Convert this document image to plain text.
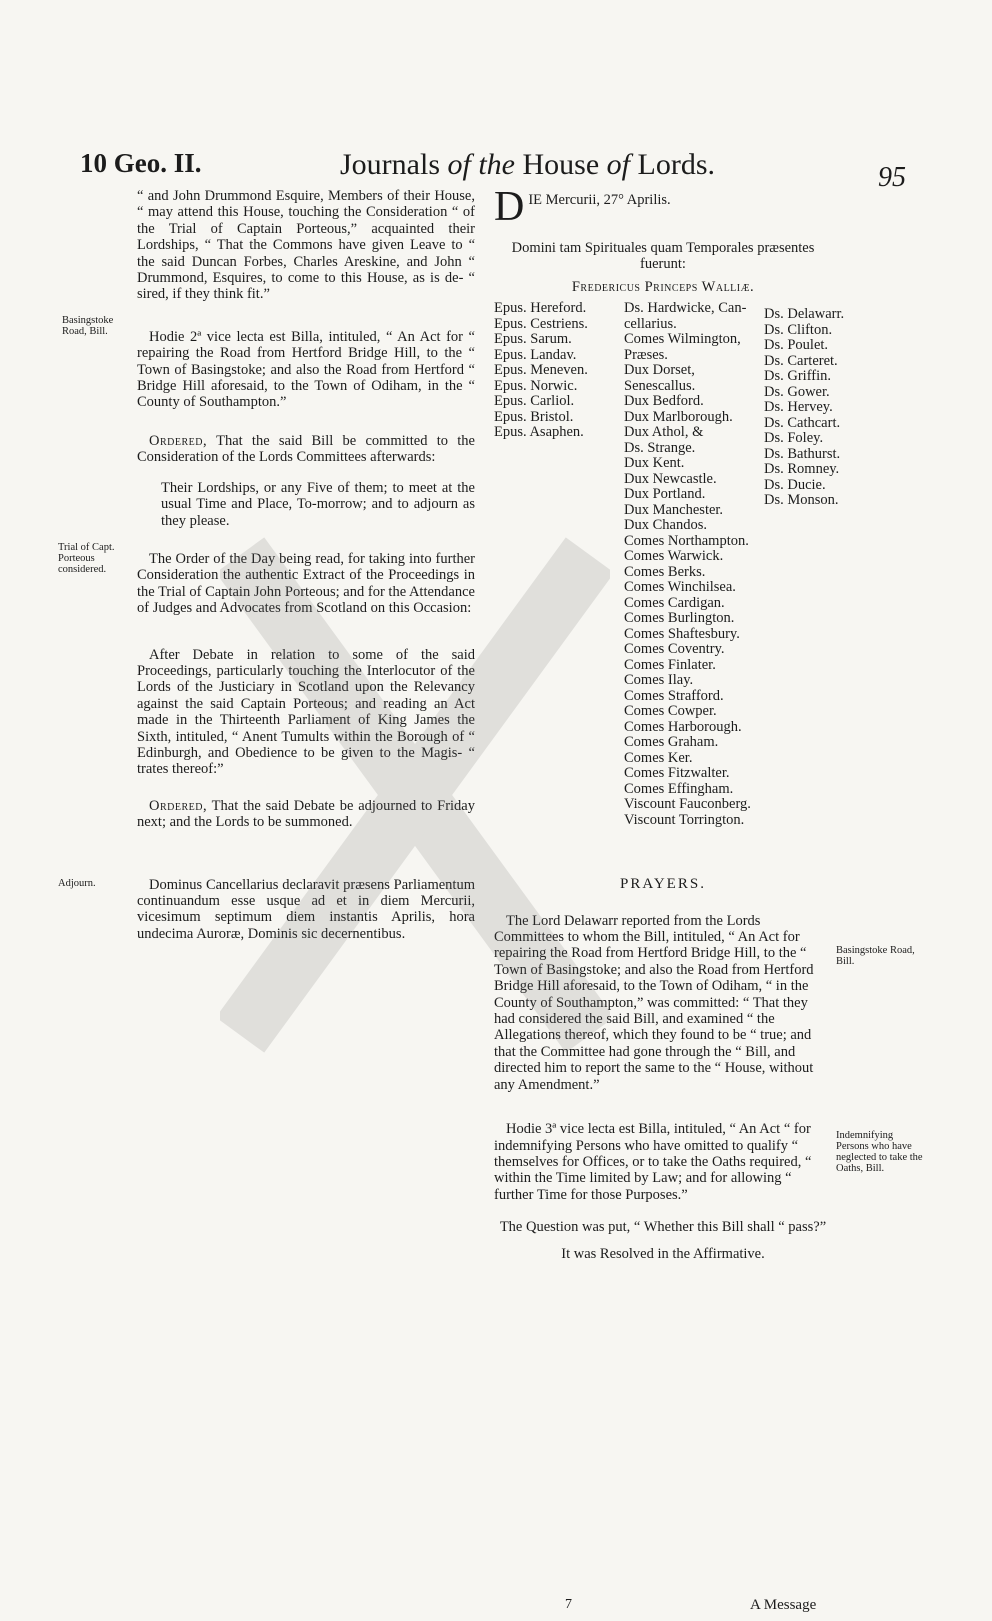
10 Geo. II.	Journals of the House of Lords.	95
Basingstoke Road, Bill.
Trial of Capt. Porteous considered.
Adjourn.

“ and John Drummond Esquire, Members of their House, “ may attend this House, touching the Consideration “ of the Trial of Captain Porteous,” acquainted their Lordships, “ That the Commons have given Leave to “ the said Duncan Forbes, Charles Areskine, and John “ Drummond, Esquires, to come to this House, as is de- “ sired, if they think fit.”

Hodie 2ª vice lecta est Billa, intituled, “ An Act for “ repairing the Road from Hertford Bridge Hill, to the “ Town of Basingstoke; and also the Road from Hertford “ Bridge Hill aforesaid, to the Town of Odiham, in the “ County of Southampton.”

Ordered, That the said Bill be committed to the Consideration of the Lords Committees afterwards:

Their Lordships, or any Five of them; to meet at the usual Time and Place, To-morrow; and to adjourn as they please.

The Order of the Day being read, for taking into further Consideration the authentic Extract of the Proceedings in the Trial of Captain John Porteous; and for the Attendance of Judges and Advocates from Scotland on this Occasion:

After Debate in relation to some of the said Proceedings, particularly touching the Interlocutor of the Lords of the Justiciary in Scotland upon the Relevancy against the said Captain Porteous; and reading an Act made in the Thirteenth Parliament of King James the Sixth, intituled, “ Anent Tumults within the Borough of “ Edinburgh, and Obedience to be given to the Magis- “ trates thereof:”

Ordered, That the said Debate be adjourned to Friday next; and the Lords to be summoned.

Dominus Cancellarius declaravit præsens Parliamentum continuandum esse usque ad et in diem Mercurii, vicesimum septimum diem instantis Aprilis, hora undecima Auroræ, Dominis sic decernentibus.

D IE Mercurii, 27° Aprilis.

Domini tam Spirituales quam Temporales præsentes fuerunt:

Fredericus Princeps Walliæ.

Epus. Hereford.
Epus. Cestriens.
Epus. Sarum.
Epus. Landav.
Epus. Meneven.
Epus. Norwic.
Epus. Carliol.
Epus. Bristol.
Epus. Asaphen.
Ds. Hardwicke, Can-
cellarius.
Comes Wilmington,
Præses.
Dux Dorset,
Senescallus.
Dux Bedford.
Dux Marlborough.
Dux Athol, &
Ds. Strange.
Dux Kent.
Dux Newcastle.
Dux Portland.
Dux Manchester.
Dux Chandos.
Comes Northampton.
Comes Warwick.
Comes Berks.
Comes Winchilsea.
Comes Cardigan.
Comes Burlington.
Comes Shaftesbury.
Comes Coventry.
Comes Finlater.
Comes Ilay.
Comes Strafford.
Comes Cowper.
Comes Harborough.
Comes Graham.
Comes Ker.
Comes Fitzwalter.
Comes Effingham.
Viscount Fauconberg.
Viscount Torrington.
Ds. Delawarr.
Ds. Clifton.
Ds. Poulet.
Ds. Carteret.
Ds. Griffin.
Ds. Gower.
Ds. Hervey.
Ds. Cathcart.
Ds. Foley.
Ds. Bathurst.
Ds. Romney.
Ds. Ducie.
Ds. Monson.
PRAYERS.

The Lord Delawarr reported from the Lords Committees to whom the Bill, intituled, “ An Act for repairing the Road from Hertford Bridge Hill, to the “ Town of Basingstoke; and also the Road from Hertford Bridge Hill aforesaid, to the Town of Odiham, “ in the County of Southampton,” was committed: “ That they had considered the said Bill, and examined “ the Allegations thereof, which they found to be “ true; and that the Committee had gone through the “ Bill, and directed him to report the same to the “ House, without any Amendment.”

Hodie 3ª vice lecta est Billa, intituled, “ An Act “ for indemnifying Persons who have omitted to qualify “ themselves for Offices, or to take the Oaths required, “ within the Time limited by Law; and for allowing “ further Time for those Purposes.”

The Question was put, “ Whether this Bill shall “ pass?”

It was Resolved in the Affirmative.

Basingstoke Road, Bill.
Indemnifying Persons who have neglected to take the Oaths, Bill.
7	A Message
